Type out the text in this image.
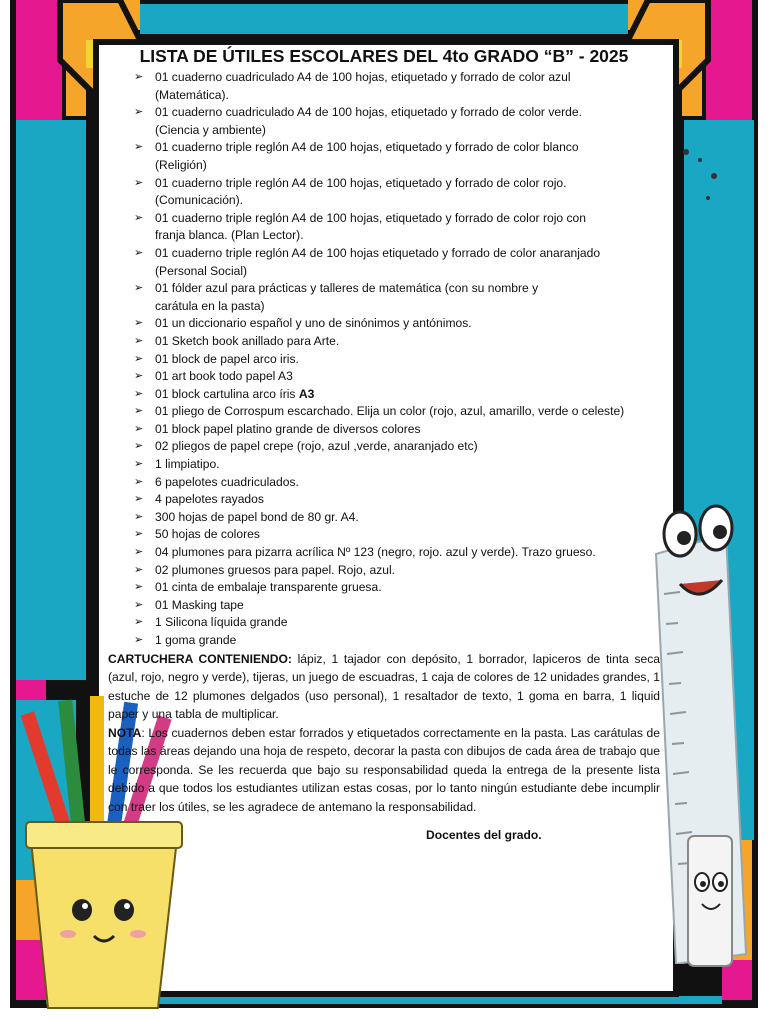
LISTA DE ÚTILES ESCOLARES DEL 4to GRADO “B” - 2025
➢ 01 cuaderno cuadriculado A4 de 100 hojas, etiquetado y forrado de color azul
(Matemática).
➢ 01 cuaderno cuadriculado A4 de 100 hojas, etiquetado y forrado de color verde.
(Ciencia y ambiente)
➢ 01 cuaderno triple reglón A4 de 100 hojas, etiquetado y forrado de color blanco
(Religión)
➢ 01 cuaderno triple reglón A4 de 100 hojas, etiquetado y forrado de color rojo.
(Comunicación).
➢ 01 cuaderno triple reglón A4 de 100 hojas, etiquetado y forrado de color rojo con
franja blanca. (Plan Lector).
➢ 01 cuaderno triple reglón A4 de 100 hojas etiquetado y forrado de color anaranjado
(Personal Social)
➢ 01 fólder azul para prácticas y talleres de matemática (con su nombre y
carátula en la pasta)
➢ 01 un diccionario español y uno de sinónimos y antónimos.
➢ 01 Sketch book anillado para Arte.
➢ 01 block de papel arco iris.
➢ 01 art book todo papel A3
➢ 01 block cartulina arco íris A3
➢ 01 pliego de Corrospum escarchado. Elija un color (rojo, azul, amarillo, verde o celeste)
➢ 01 block papel platino grande de diversos colores
➢ 02 pliegos de papel crepe (rojo, azul ,verde, anaranjado etc)
➢ 1 limpiatipo.
➢ 6 papelotes cuadriculados.
➢ 4 papelotes rayados
➢ 300 hojas de papel bond de 80 gr. A4.
➢ 50 hojas de colores
➢ 04 plumones para pizarra acrílica Nº 123 (negro, rojo. azul y verde). Trazo grueso.
➢ 02 plumones gruesos para papel. Rojo, azul.
➢ 01 cinta de embalaje transparente gruesa.
➢ 01 Masking tape
➢ 1 Silicona líquida grande
➢ 1 goma grande

CARTUCHERA CONTENIENDO: lápiz, 1 tajador con depósito, 1 borrador, lapiceros de tinta seca (azul, rojo, negro y verde), tijeras, un juego de escuadras, 1 caja de colores de 12 unidades grandes, 1 estuche de 12 plumones delgados (uso personal), 1 resaltador de texto, 1 goma en barra, 1 liquid paper y una tabla de multiplicar.

NOTA: Los cuadernos deben estar forrados y etiquetados correctamente en la pasta. Las carátulas de todas las áreas dejando una hoja de respeto, decorar la pasta con dibujos de cada área de trabajo que le corresponda. Se les recuerda que bajo su responsabilidad queda la entrega de la presente lista debido a que todos los estudiantes utilizan estas cosas, por lo tanto ningún estudiante debe incumplir con traer los útiles, se les agradece de antemano la responsabilidad.

Docentes del grado.
